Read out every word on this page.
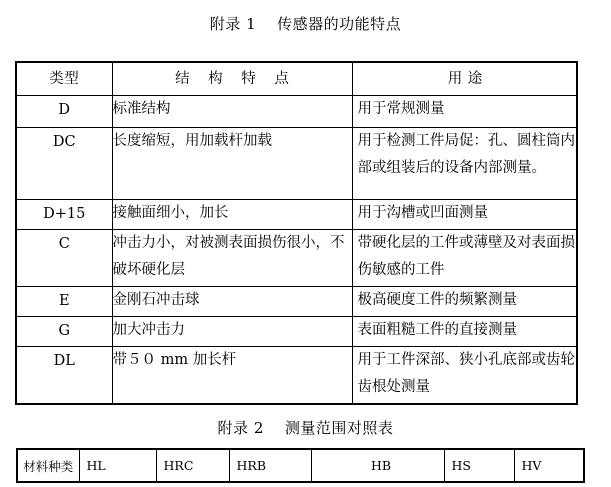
附录 1    传感器的功能特点
类型	结 构 特 点	用 途
D	标准结构	用于常规测量
DC	长度缩短，用加载杆加载	用于检测工件局促：孔、圆柱筒内部或组装后的设备内部测量。
D+15	接触面细小，加长	用于沟槽或凹面测量
C	冲击力小，对被测表面损伤很小，不破坏硬化层	带硬化层的工件或薄壁及对表面损伤敏感的工件
E	金刚石冲击球	极高硬度工件的频繁测量
G	加大冲击力	表面粗糙工件的直接测量
DL	带５０ mm 加长杆	用于工件深部、狭小孔底部或齿轮齿根处测量
附录 2    测量范围对照表
材料种类	HL	HRC	HRB	HB	HS	HV
